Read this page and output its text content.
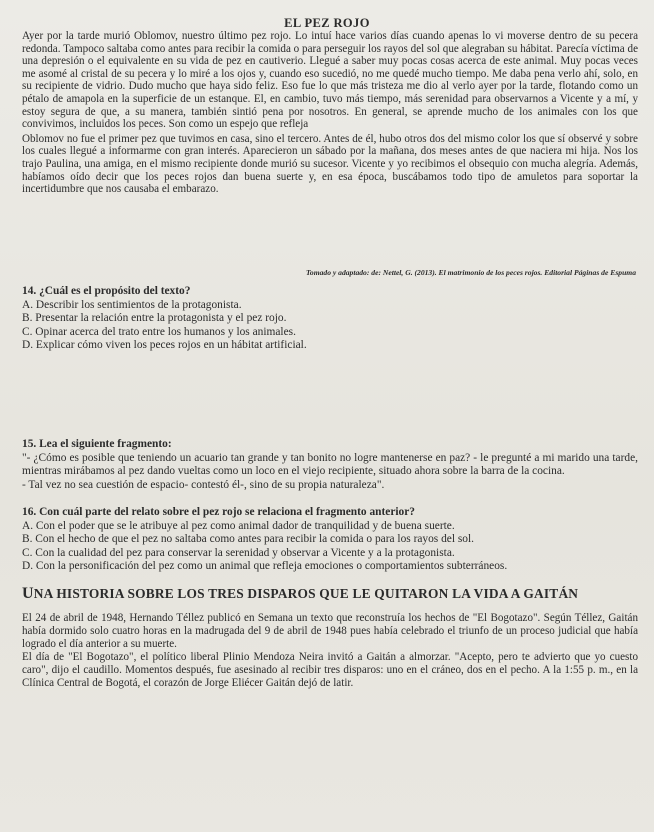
EL PEZ ROJO

Ayer por la tarde murió Oblomov, nuestro último pez rojo. Lo intuí hace varios días cuando apenas lo vi moverse dentro de su pecera redonda. Tampoco saltaba como antes para recibir la comida o para perseguir los rayos del sol que alegraban su hábitat. Parecía víctima de una depresión o el equivalente en su vida de pez en cautiverio. Llegué a saber muy pocas cosas acerca de este animal. Muy pocas veces me asomé al cristal de su pecera y lo miré a los ojos y, cuando eso sucedió, no me quedé mucho tiempo. Me daba pena verlo ahí, solo, en su recipiente de vidrio. Dudo mucho que haya sido feliz. Eso fue lo que más tristeza me dio al verlo ayer por la tarde, flotando como un pétalo de amapola en la superficie de un estanque. El, en cambio, tuvo más tiempo, más serenidad para observarnos a Vicente y a mí, y estoy segura de que, a su manera, también sintió pena por nosotros. En general, se aprende mucho de los animales con los que convivimos, incluidos los peces. Son como un espejo que refleja

Oblomov no fue el primer pez que tuvimos en casa, sino el tercero. Antes de él, hubo otros dos del mismo color los que sí observé y sobre los cuales llegué a informarme con gran interés. Aparecieron un sábado por la mañana, dos meses antes de que naciera mi hija. Nos los trajo Paulina, una amiga, en el mismo recipiente donde murió su sucesor. Vicente y yo recibimos el obsequio con mucha alegría. Además, habíamos oído decir que los peces rojos dan buena suerte y, en esa época, buscábamos todo tipo de amuletos para soportar la incertidumbre que nos causaba el embarazo.

Tomado y adaptado: de: Nettel, G. (2013). El matrimonio de los peces rojos. Editorial Páginas de Espuma

14. ¿Cuál es el propósito del texto?

A. Describir los sentimientos de la protagonista.

B. Presentar la relación entre la protagonista y el pez rojo.

C. Opinar acerca del trato entre los humanos y los animales.

D. Explicar cómo viven los peces rojos en un hábitat artificial.

15. Lea el siguiente fragmento:

"- ¿Cómo es posible que teniendo un acuario tan grande y tan bonito no logre mantenerse en paz? - le pregunté a mi marido una tarde, mientras mirábamos al pez dando vueltas como un loco en el viejo recipiente, situado ahora sobre la barra de la cocina.

- Tal vez no sea cuestión de espacio- contestó él-, sino de su propia naturaleza".

16. Con cuál parte del relato sobre el pez rojo se relaciona el fragmento anterior?

A. Con el poder que se le atribuye al pez como animal dador de tranquilidad y de buena suerte.

B. Con el hecho de que el pez no saltaba como antes para recibir la comida o para los rayos del sol.

C. Con la cualidad del pez para conservar la serenidad y observar a Vicente y a la protagonista.

D. Con la personificación del pez como un animal que refleja emociones o comportamientos subterráneos.

UNA HISTORIA SOBRE LOS TRES DISPAROS QUE LE QUITARON LA VIDA A GAITÁN

El 24 de abril de 1948, Hernando Téllez publicó en Semana un texto que reconstruía los hechos de "El Bogotazo". Según Téllez, Gaitán había dormido solo cuatro horas en la madrugada del 9 de abril de 1948 pues había celebrado el triunfo de un proceso judicial que había logrado el día anterior a su muerte.

El día de "El Bogotazo", el político liberal Plinio Mendoza Neira invitó a Gaitán a almorzar. "Acepto, pero te advierto que yo cuesto caro", dijo el caudillo. Momentos después, fue asesinado al recibir tres disparos: uno en el cráneo, dos en el pecho. A la 1:55 p. m., en la Clínica Central de Bogotá, el corazón de Jorge Eliécer Gaitán dejó de latir.
